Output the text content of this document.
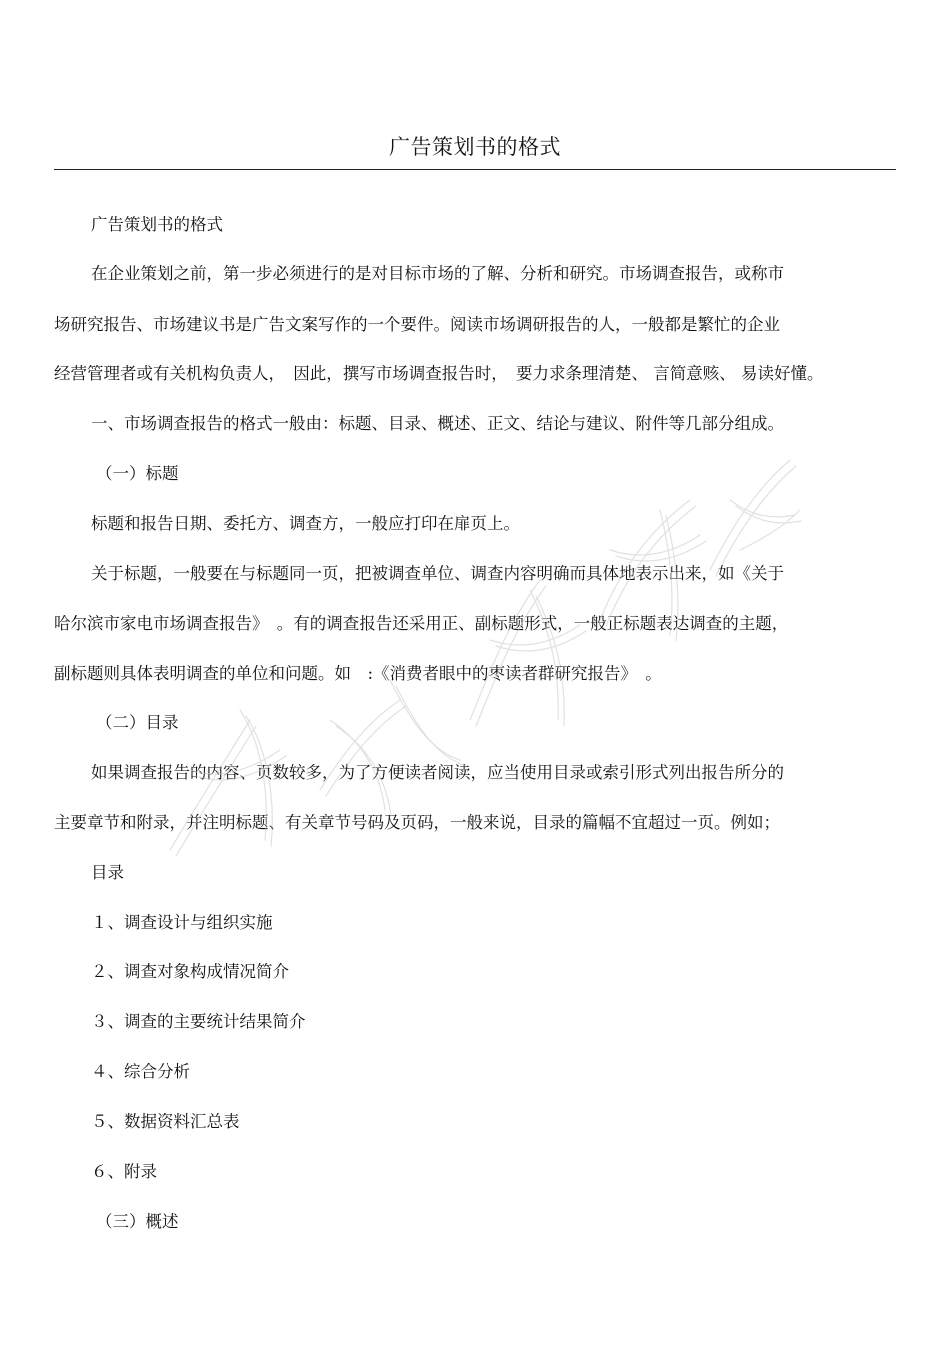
广告策划书的格式
广告策划书的格式
在企业策划之前，第一步必须进行的是对目标市场的了解、分析和研究。市场调查报告，或称市
场研究报告、市场建议书是广告文案写作的一个要件。阅读市场调研报告的人，一般都是繁忙的企业
经营管理者或有关机构负责人，　因此，撰写市场调查报告时，　要力求条理清楚、 言简意赅、 易读好懂。
一、市场调查报告的格式一般由：标题、目录、概述、正文、结论与建议、附件等几部分组成。
（一）标题
标题和报告日期、委托方、调查方，一般应打印在扉页上。
关于标题，一般要在与标题同一页，把被调查单位、调查内容明确而具体地表示出来，如《关于
哈尔滨市家电市场调查报告》　。有的调查报告还采用正、副标题形式，一般正标题表达调查的主题，
副标题则具体表明调查的单位和问题。如　:《消费者眼中的枣读者群研究报告》　。
（二）目录
如果调查报告的内容、页数较多，为了方便读者阅读，应当使用目录或索引形式列出报告所分的
主要章节和附录，并注明标题、有关章节号码及页码，一般来说，目录的篇幅不宜超过一页。例如；
目录
１、调查设计与组织实施
２、调查对象构成情况简介
３、调查的主要统计结果简介
４、综合分析
５、数据资料汇总表
６、附录
（三）概述
